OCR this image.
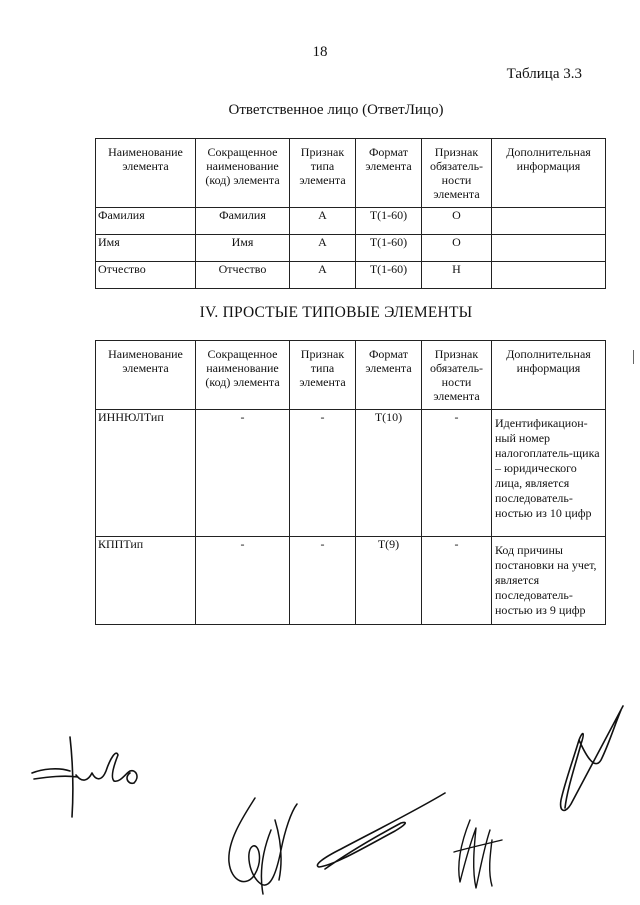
18
Таблица 3.3
Ответственное лицо (ОтветЛицо)
Наименование элемента	Сокращенное наименование (код) элемента	Признак типа элемента	Формат элемента	Признак обязатель-ности элемента	Дополнительная информация
Фамилия	Фамилия	А	Т(1-60)	О	
Имя	Имя	А	Т(1-60)	О	
Отчество	Отчество	А	Т(1-60)	Н	
IV. ПРОСТЫЕ ТИПОВЫЕ ЭЛЕМЕНТЫ
Наименование элемента	Сокращенное наименование (код) элемента	Признак типа элемента	Формат элемента	Признак обязатель-ности элемента	Дополнительная информация
ИННЮЛТип	-	-	Т(10)	-	Идентификацион-ный номер налогоплатель-щика – юридического лица, является последователь-ностью из 10 цифр
КППТип	-	-	Т(9)	-	Код причины постановки на учет, является последователь-ностью из 9 цифр
